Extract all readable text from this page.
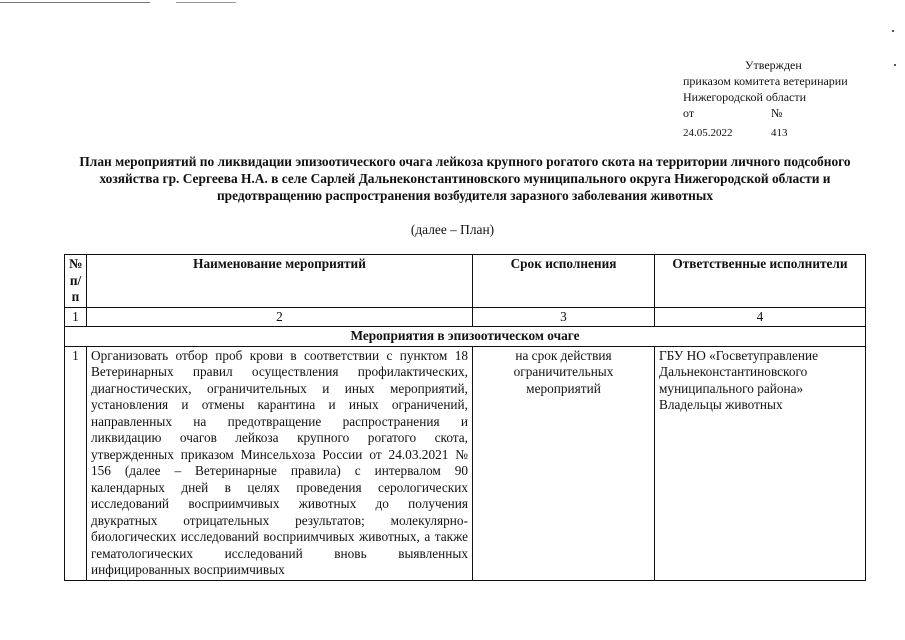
Утвержден
приказом комитета ветеринарии
Нижегородской области
от	№
24.05.2022	413
План мероприятий по ликвидации эпизоотического очага лейкоза крупного рогатого скота на территории личного подсобного хозяйства гр. Сергеева Н.А. в селе Сарлей Дальнеконстантиновского муниципального округа Нижегородской области и предотвращению распространения возбудителя заразного заболевания животных
(далее – План)
№ п/п	Наименование мероприятий	Срок исполнения	Ответственные исполнители
1	2	3	4
Мероприятия в эпизоотическом очаге			
1	Организовать отбор проб крови в соответствии с пунктом 18 Ветеринарных правил осуществления профилактических, диагностических, ограничительных и иных мероприятий, установления и отмены карантина и иных ограничений, направленных на предотвращение распространения и ликвидацию очагов лейкоза крупного рогатого скота, утвержденных приказом Минсельхоза России от 24.03.2021 № 156 (далее – Ветеринарные правила) с интервалом 90 календарных дней в целях проведения серологических исследований восприимчивых животных до получения двукратных отрицательных результатов; молекулярно-биологических исследований восприимчивых животных, а также гематологических исследований вновь выявленных инфицированных восприимчивых	на срок действия ограничительных мероприятий	ГБУ НО «Госветуправление Дальнеконстантиновского муниципального района» Владельцы животных
